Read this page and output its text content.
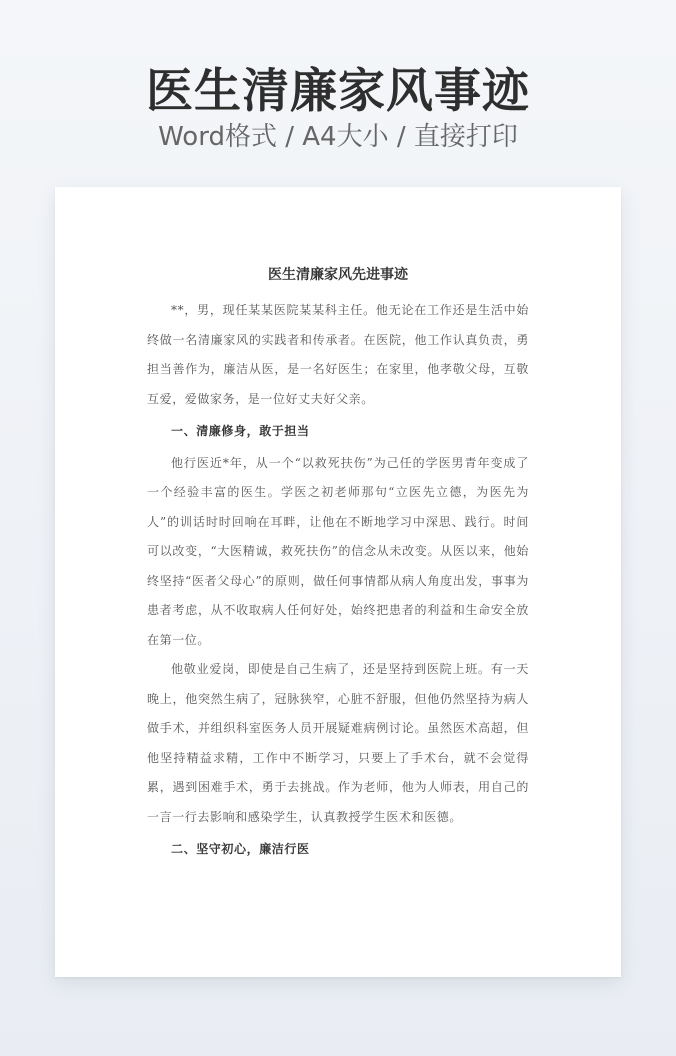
医生清廉家风事迹
Word格式 / A4大小 / 直接打印
医生清廉家风先进事迹

**，男，现任某某医院某某科主任。他无论在工作还是生活中始终做一名清廉家风的实践者和传承者。在医院，他工作认真负责，勇担当善作为，廉洁从医，是一名好医生；在家里，他孝敬父母，互敬互爱，爱做家务，是一位好丈夫好父亲。

一、清廉修身，敢于担当

他行医近*年，从一个“以救死扶伤”为己任的学医男青年变成了一个经验丰富的医生。学医之初老师那句“立医先立德，为医先为人”的训话时时回响在耳畔，让他在不断地学习中深思、践行。时间可以改变，“大医精诚，救死扶伤”的信念从未改变。从医以来，他始终坚持“医者父母心”的原则，做任何事情都从病人角度出发，事事为患者考虑，从不收取病人任何好处，始终把患者的利益和生命安全放在第一位。

他敬业爱岗，即使是自己生病了，还是坚持到医院上班。有一天晚上，他突然生病了，冠脉狭窄，心脏不舒服，但他仍然坚持为病人做手术，并组织科室医务人员开展疑难病例讨论。虽然医术高超，但他坚持精益求精，工作中不断学习，只要上了手术台，就不会觉得累，遇到困难手术，勇于去挑战。作为老师，他为人师表，用自己的一言一行去影响和感染学生，认真教授学生医术和医德。

二、坚守初心，廉洁行医
